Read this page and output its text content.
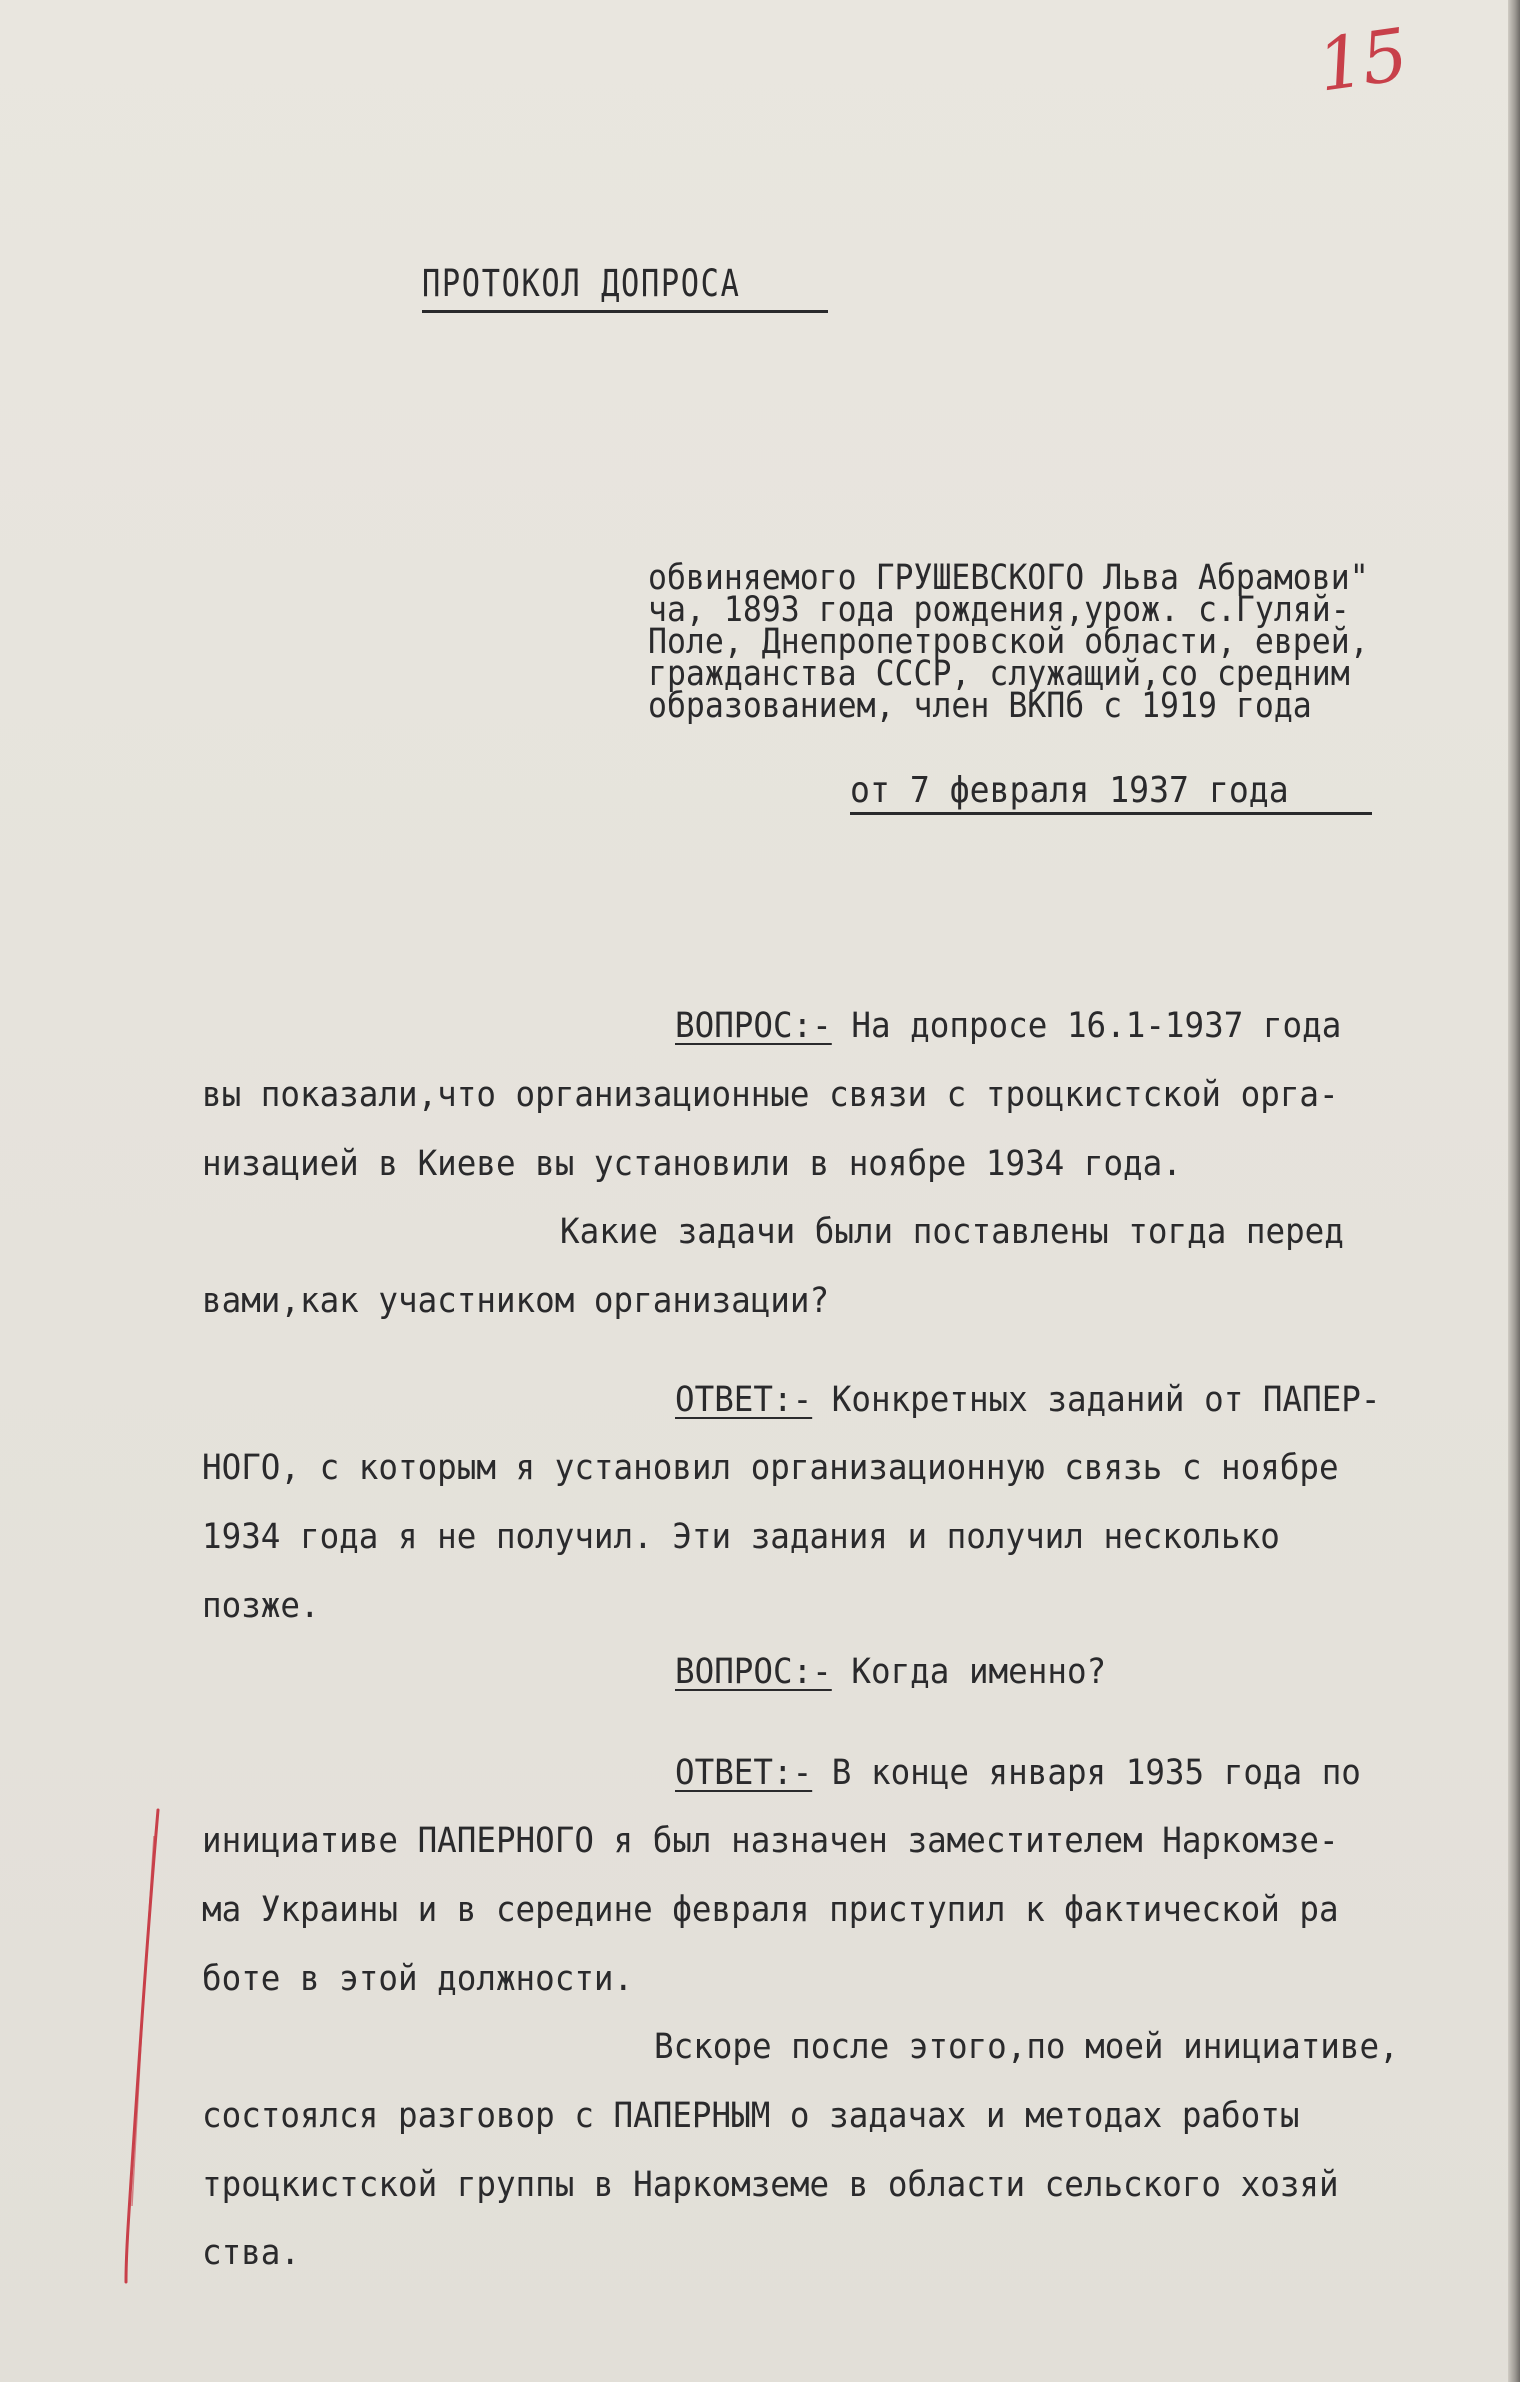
15
ПРОТОКОЛ ДОПРОСА
обвиняемого ГРУШЕВСКОГО Льва Абрамови"
ча, 1893 года рождения,урож. с.Гуляй-
Поле, Днепропетровской области, еврей,
гражданства СССР, служащий,со средним
образованием, член ВКПб с 1919 года
от 7 февраля 1937 года
ВОПРОС:- На допросе 16.1-1937 года
вы показали,что организационные связи с троцкистской орга-
низацией в Киеве вы установили в ноябре 1934 года.
Какие задачи были поставлены тогда перед
вами,как участником организации?
ОТВЕТ:- Конкретных заданий от ПАПЕР-
НОГО, с которым я установил организационную связь с ноябре
1934 года я не получил. Эти задания и получил несколько
позже.
ВОПРОС:- Когда именно?
ОТВЕТ:- В конце января 1935 года по
инициативе ПАПЕРНОГО я был назначен заместителем Наркомзе-
ма Украины и в середине февраля приступил к фактической ра
боте в этой должности.
Вскоре после этого,по моей инициативе,
состоялся разговор с ПАПЕРНЫМ о задачах и методах работы
троцкистской группы в Наркомземе в области сельского хозяй
ства.
